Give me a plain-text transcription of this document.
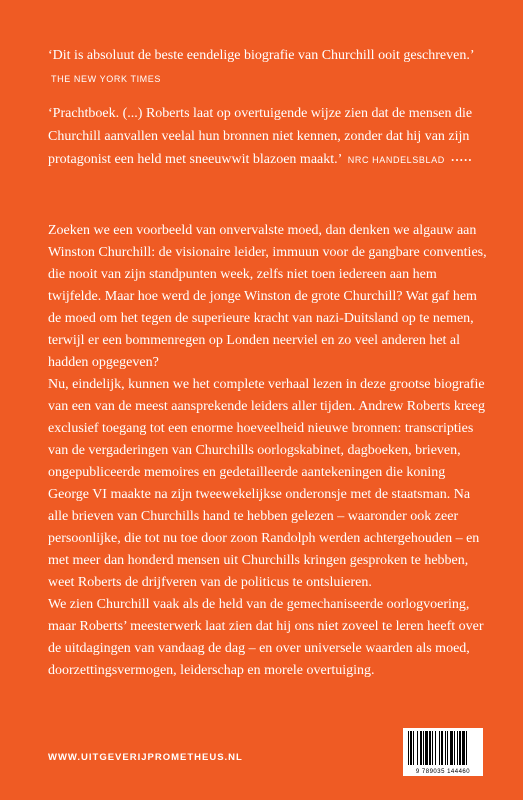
‘Dit is absoluut de beste eendelige biografie van Churchill ooit geschreven.’ THE NEW YORK TIMES
‘Prachtboek. (...) Roberts laat op overtuigende wijze zien dat de mensen die Churchill aanvallen veelal hun bronnen niet kennen, zonder dat hij van zijn protagonist een held met sneeuwwit blazoen maakt.’ NRC HANDELSBLAD •••••

Zoeken we een voorbeeld van onvervalste moed, dan denken we algauw aan Winston Churchill: de visionaire leider, immuun voor de gangbare conventies, die nooit van zijn standpunten week, zelfs niet toen iedereen aan hem twijfelde. Maar hoe werd de jonge Winston de grote Churchill? Wat gaf hem de moed om het tegen de superieure kracht van nazi-Duitsland op te nemen, terwijl er een bommenregen op Londen neerviel en zo veel anderen het al hadden opgegeven?

Nu, eindelijk, kunnen we het complete verhaal lezen in deze grootse biografie van een van de meest aansprekende leiders aller tijden. Andrew Roberts kreeg exclusief toegang tot een enorme hoeveelheid nieuwe bronnen: transcripties van de vergaderingen van Churchills oorlogskabinet, dagboeken, brieven, ongepubliceerde memoires en gedetailleerde aantekeningen die koning George VI maakte na zijn tweewekelijkse onderonsje met de staatsman. Na alle brieven van Churchills hand te hebben gelezen – waaronder ook zeer persoonlijke, die tot nu toe door zoon Randolph werden achtergehouden – en met meer dan honderd mensen uit Churchills kringen gesproken te hebben, weet Roberts de drijfveren van de politicus te ontsluieren.

We zien Churchill vaak als de held van de gemechaniseerde oorlogvoering, maar Roberts’ meesterwerk laat zien dat hij ons niet zoveel te leren heeft over de uitdagingen van vandaag de dag – en over universele waarden als moed, doorzettingsvermogen, leiderschap en morele overtuiging.

WWW.UITGEVERIJPROMETHEUS.NL
9 789035 144460
